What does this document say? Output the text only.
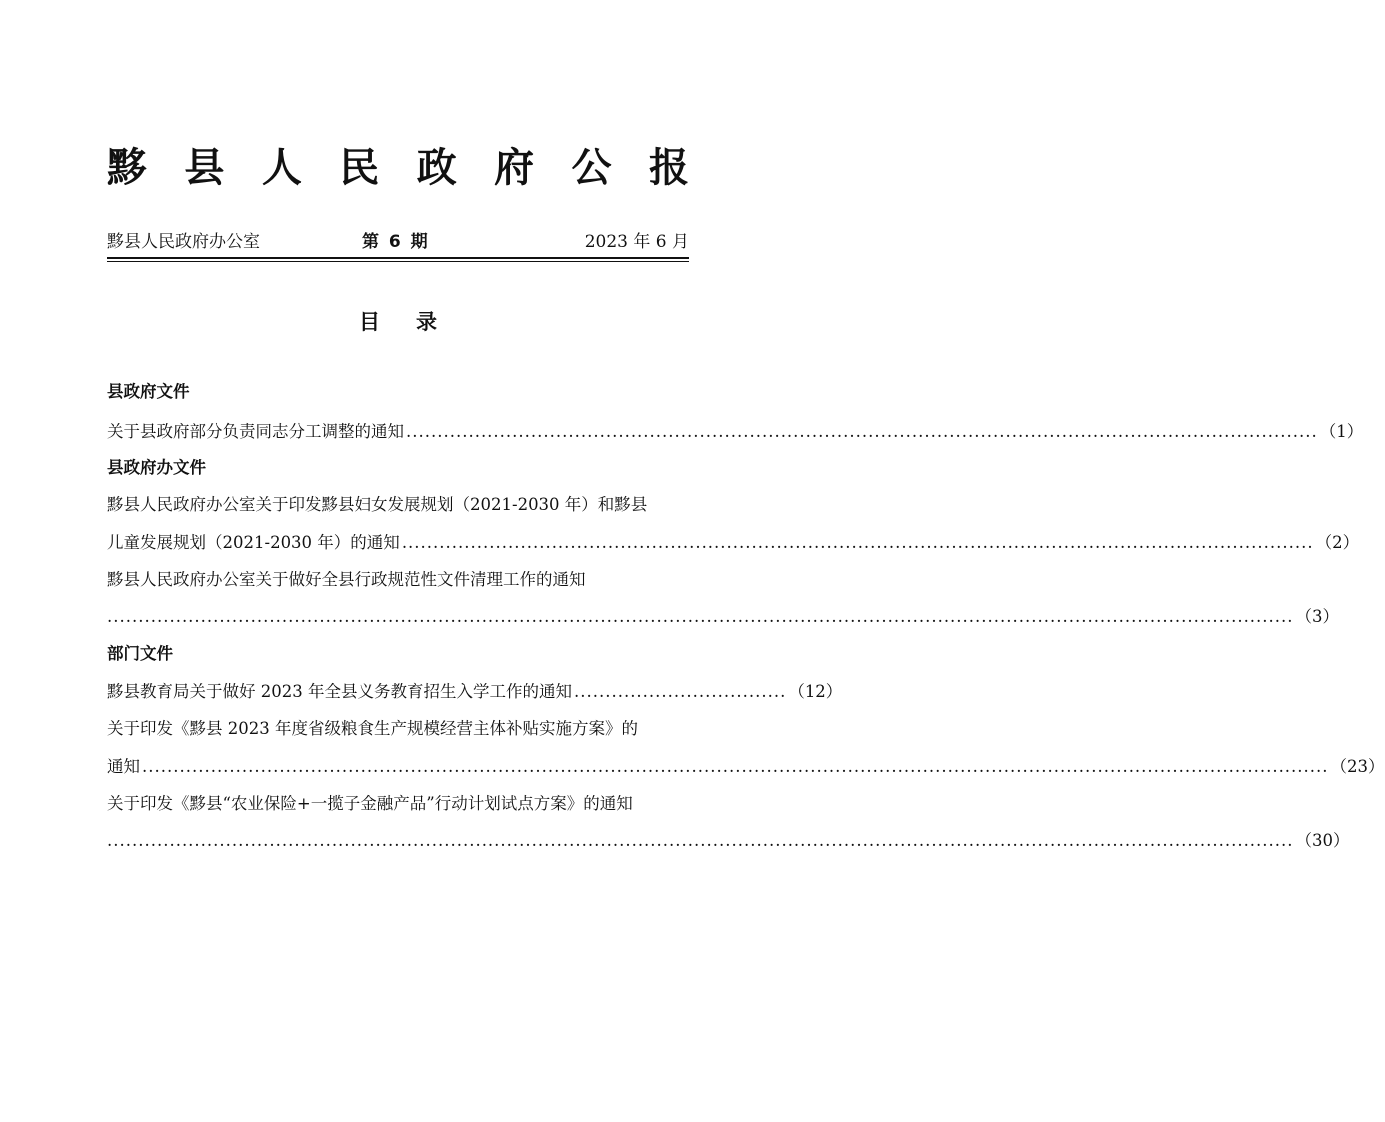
黟 县 人 民 政 府 公 报
黟县人民政府办公室	第 6 期	2023 年 6 月
目录
县政府文件
关于县政府部分负责同志分工调整的通知 .................................................................................................................................................. （1）
县政府办文件
黟县人民政府办公室关于印发黟县妇女发展规划（2021-2030 年）和黟县
儿童发展规划（2021-2030 年）的通知 .................................................................................................................................................. （2）
黟县人民政府办公室关于做好全县行政规范性文件清理工作的通知
.............................................................................................................................................................................................. （3）
部门文件
黟县教育局关于做好 2023 年全县义务教育招生入学工作的通知 .................................. （12）
关于印发《黟县 2023 年度省级粮食生产规模经营主体补贴实施方案》的
通知 .............................................................................................................................................................................................. （23）
关于印发《黟县“农业保险+一揽子金融产品”行动计划试点方案》的通知
.............................................................................................................................................................................................. （30）
